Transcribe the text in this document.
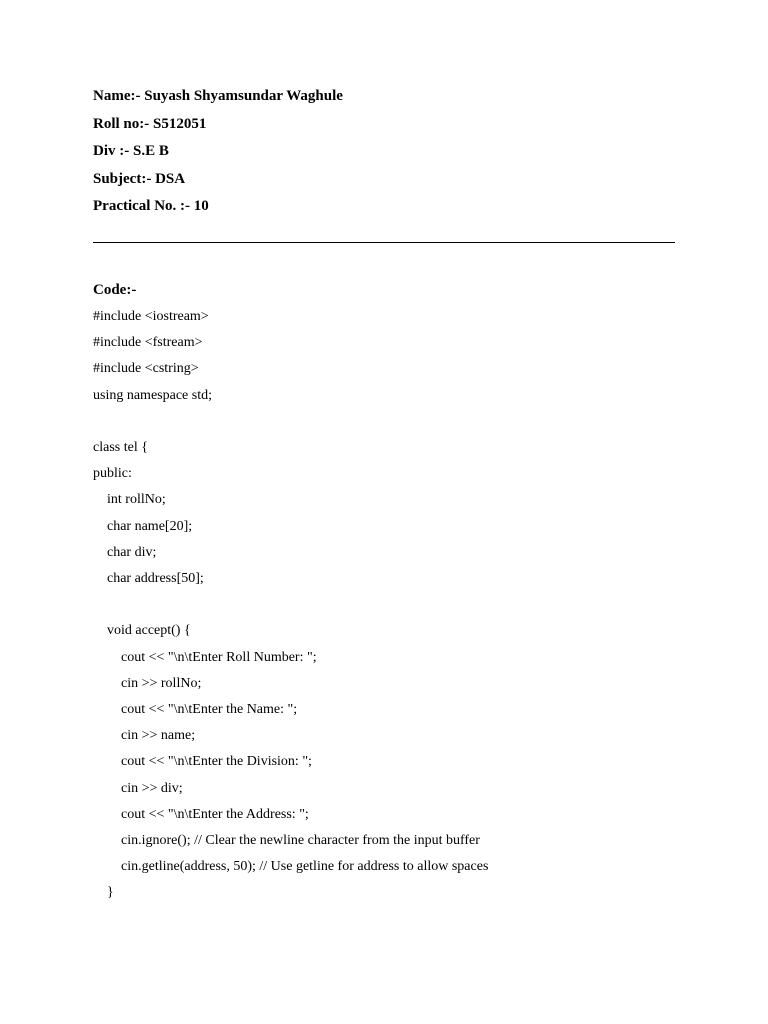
Name:- Suyash Shyamsundar Waghule
Roll no:- S512051
Div :- S.E B
Subject:- DSA
Practical No. :- 10
Code:-
#include <iostream>
#include <fstream>
#include <cstring>
using namespace std;
class tel {
public:
int rollNo;
char name[20];
char div;
char address[50];
void accept() {
cout << "\n\tEnter Roll Number: ";
cin >> rollNo;
cout << "\n\tEnter the Name: ";
cin >> name;
cout << "\n\tEnter the Division: ";
cin >> div;
cout << "\n\tEnter the Address: ";
cin.ignore(); // Clear the newline character from the input buffer
cin.getline(address, 50); // Use getline for address to allow spaces
}
